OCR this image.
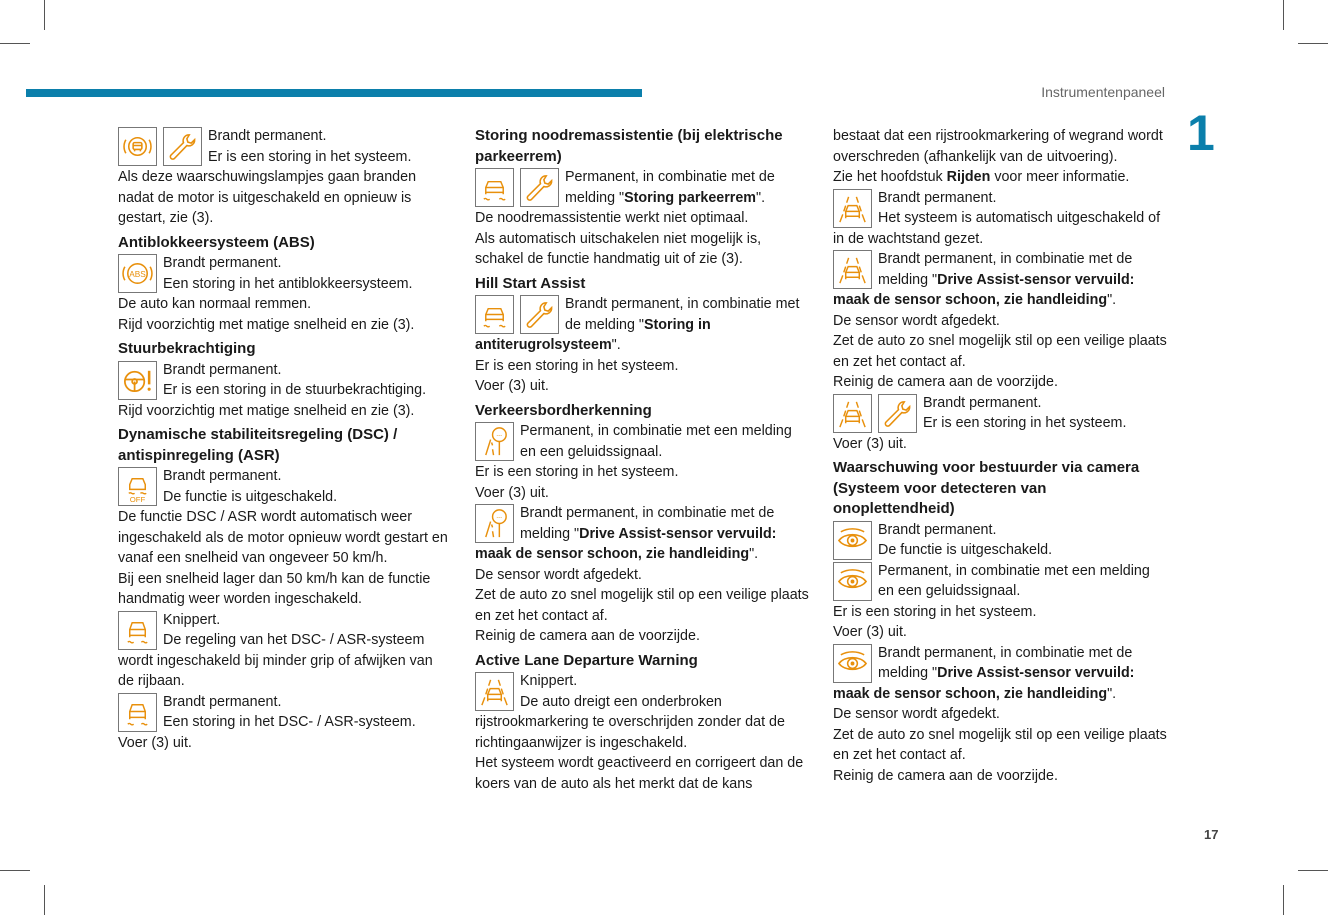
Instrumentenpaneel
1
17

Brandt permanent.

Er is een storing in het systeem.

Als deze waarschuwingslampjes gaan branden nadat de motor is uitgeschakeld en opnieuw is gestart, zie (3).

Antiblokkeersysteem (ABS)

Brandt permanent.

Een storing in het antiblokkeersysteem.

De auto kan normaal remmen.

Rijd voorzichtig met matige snelheid en zie (3).

Stuurbekrachtiging

Brandt permanent.

Er is een storing in de stuurbekrachtiging.

Rijd voorzichtig met matige snelheid en zie (3).

Dynamische stabiliteitsregeling (DSC) / antispinregeling (ASR)

Brandt permanent.

De functie is uitgeschakeld.

De functie DSC / ASR wordt automatisch weer ingeschakeld als de motor opnieuw wordt gestart en vanaf een snelheid van ongeveer 50 km/h.

Bij een snelheid lager dan 50 km/h kan de functie handmatig weer worden ingeschakeld.

Knippert.

De regeling van het DSC- / ASR-systeem wordt ingeschakeld bij minder grip of afwijken van de rijbaan.

Brandt permanent.

Een storing in het DSC- / ASR-systeem.

Voer (3) uit.

Storing noodremassistentie (bij elektrische parkeerrem)

Permanent, in combinatie met de melding "Storing parkeerrem".

De noodremassistentie werkt niet optimaal.

Als automatisch uitschakelen niet mogelijk is, schakel de functie handmatig uit of zie (3).

Hill Start Assist

Brandt permanent, in combinatie met de melding "Storing in antiterugrolsysteem".

Er is een storing in het systeem.

Voer (3) uit.

Verkeersbordherkenning

Permanent, in combinatie met een melding en een geluidssignaal.

Er is een storing in het systeem.

Voer (3) uit.

Brandt permanent, in combinatie met de melding "Drive Assist-sensor vervuild: maak de sensor schoon, zie handleiding".

De sensor wordt afgedekt.

Zet de auto zo snel mogelijk stil op een veilige plaats en zet het contact af.

Reinig de camera aan de voorzijde.

Active Lane Departure Warning

Knippert.

De auto dreigt een onderbroken rijstrookmarkering te overschrijden zonder dat de richtingaanwijzer is ingeschakeld.

Het systeem wordt geactiveerd en corrigeert dan de koers van de auto als het merkt dat de kans

bestaat dat een rijstrookmarkering of wegrand wordt overschreden (afhankelijk van de uitvoering).

Zie het hoofdstuk Rijden voor meer informatie.

Brandt permanent.

Het systeem is automatisch uitgeschakeld of in de wachtstand gezet.

Brandt permanent, in combinatie met de melding "Drive Assist-sensor vervuild: maak de sensor schoon, zie handleiding".

De sensor wordt afgedekt.

Zet de auto zo snel mogelijk stil op een veilige plaats en zet het contact af.

Reinig de camera aan de voorzijde.

Brandt permanent.

Er is een storing in het systeem.

Voer (3) uit.

Waarschuwing voor bestuurder via camera (Systeem voor detecteren van onoplettendheid)

Brandt permanent.

De functie is uitgeschakeld.

Permanent, in combinatie met een melding en een geluidssignaal.

Er is een storing in het systeem.

Voer (3) uit.

Brandt permanent, in combinatie met de melding "Drive Assist-sensor vervuild: maak de sensor schoon, zie handleiding".

De sensor wordt afgedekt.

Zet de auto zo snel mogelijk stil op een veilige plaats en zet het contact af.

Reinig de camera aan de voorzijde.
